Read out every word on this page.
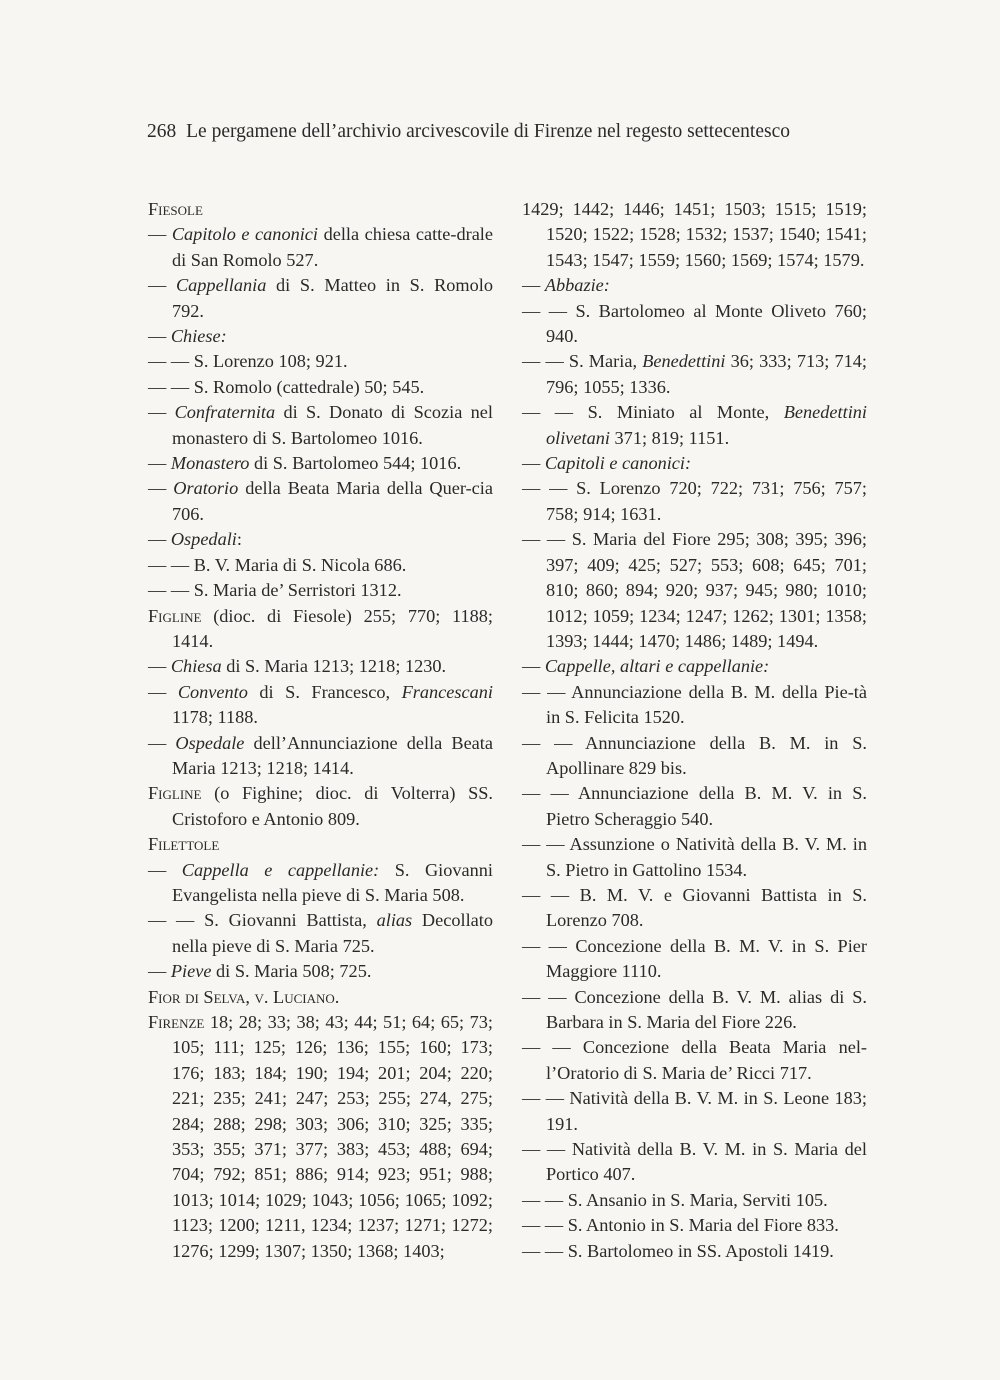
268 Le pergamene dell’archivio arcivescovile di Firenze nel regesto settecentesco
Fiesole
— Capitolo e canonici della chiesa catte-drale di San Romolo 527.
— Cappellania di S. Matteo in S. Romolo 792.
— Chiese:
— — S. Lorenzo 108; 921.
— — S. Romolo (cattedrale) 50; 545.
— Confraternita di S. Donato di Scozia nel monastero di S. Bartolomeo 1016.
— Monastero di S. Bartolomeo 544; 1016.
— Oratorio della Beata Maria della Quer-cia 706.
— Ospedali:
— — B. V. Maria di S. Nicola 686.
— — S. Maria de’ Serristori 1312.
Figline (dioc. di Fiesole) 255; 770; 1188; 1414.
— Chiesa di S. Maria 1213; 1218; 1230.
— Convento di S. Francesco, Francescani 1178; 1188.
— Ospedale dell’Annunciazione della Beata Maria 1213; 1218; 1414.
Figline (o Fighine; dioc. di Volterra) SS. Cristoforo e Antonio 809.
Filettole
— Cappella e cappellanie: S. Giovanni Evangelista nella pieve di S. Maria 508.
— — S. Giovanni Battista, alias Decollato nella pieve di S. Maria 725.
— Pieve di S. Maria 508; 725.
Fior di Selva, v. Luciano.
Firenze 18; 28; 33; 38; 43; 44; 51; 64; 65; 73; 105; 111; 125; 126; 136; 155; 160; 173; 176; 183; 184; 190; 194; 201; 204; 220; 221; 235; 241; 247; 253; 255; 274, 275; 284; 288; 298; 303; 306; 310; 325; 335; 353; 355; 371; 377; 383; 453; 488; 694; 704; 792; 851; 886; 914; 923; 951; 988; 1013; 1014; 1029; 1043; 1056; 1065; 1092; 1123; 1200; 1211, 1234; 1237; 1271; 1272; 1276; 1299; 1307; 1350; 1368; 1403;
1429; 1442; 1446; 1451; 1503; 1515; 1519; 1520; 1522; 1528; 1532; 1537; 1540; 1541; 1543; 1547; 1559; 1560; 1569; 1574; 1579.
— Abbazie:
— — S. Bartolomeo al Monte Oliveto 760; 940.
— — S. Maria, Benedettini 36; 333; 713; 714; 796; 1055; 1336.
— — S. Miniato al Monte, Benedettini olivetani 371; 819; 1151.
— Capitoli e canonici:
— — S. Lorenzo 720; 722; 731; 756; 757; 758; 914; 1631.
— — S. Maria del Fiore 295; 308; 395; 396; 397; 409; 425; 527; 553; 608; 645; 701; 810; 860; 894; 920; 937; 945; 980; 1010; 1012; 1059; 1234; 1247; 1262; 1301; 1358; 1393; 1444; 1470; 1486; 1489; 1494.
— Cappelle, altari e cappellanie:
— — Annunciazione della B. M. della Pie-tà in S. Felicita 1520.
— — Annunciazione della B. M. in S. Apollinare 829 bis.
— — Annunciazione della B. M. V. in S. Pietro Scheraggio 540.
— — Assunzione o Natività della B. V. M. in S. Pietro in Gattolino 1534.
— — B. M. V. e Giovanni Battista in S. Lorenzo 708.
— — Concezione della B. M. V. in S. Pier Maggiore 1110.
— — Concezione della B. V. M. alias di S. Barbara in S. Maria del Fiore 226.
— — Concezione della Beata Maria nel-l’Oratorio di S. Maria de’ Ricci 717.
— — Natività della B. V. M. in S. Leone 183; 191.
— — Natività della B. V. M. in S. Maria del Portico 407.
— — S. Ansanio in S. Maria, Serviti 105.
— — S. Antonio in S. Maria del Fiore 833.
— — S. Bartolomeo in SS. Apostoli 1419.
